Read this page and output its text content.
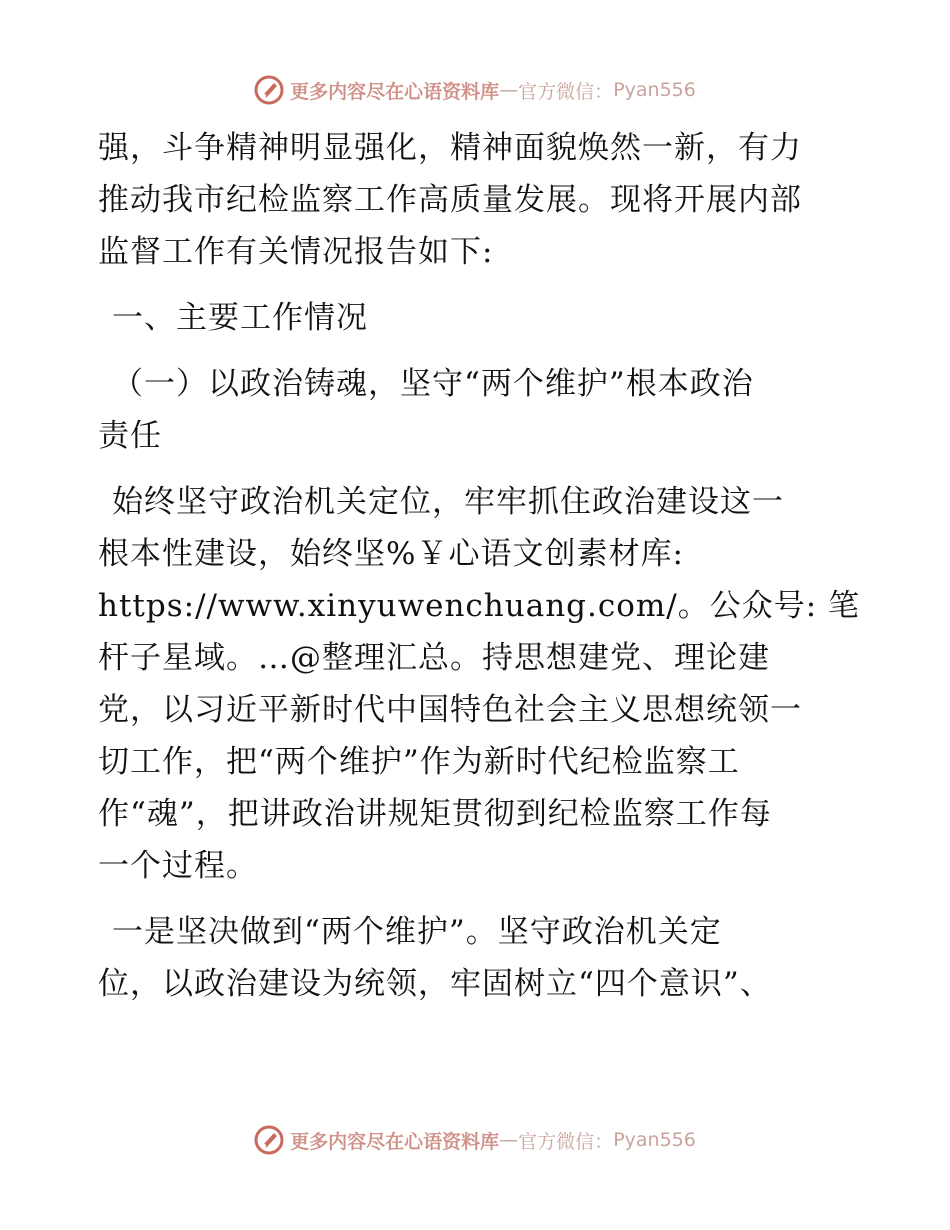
更多内容尽在心语资料库 — 官方微信： Pyan556
强，斗争精神明显强化，精神面貌焕然一新，有力
推动我市纪检监察工作高质量发展。现将开展内部
监督工作有关情况报告如下:
一、主要工作情况
（一）以政治铸魂，坚守“两个维护”根本政治
责任
始终坚守政治机关定位，牢牢抓住政治建设这一
根本性建设，始终坚%￥心语文创素材库:
https://www.xinyuwenchuang.com/。公众号: 笔
杆子星域。…@整理汇总。持思想建党、理论建
党，以习近平新时代中国特色社会主义思想统领一
切工作，把“两个维护”作为新时代纪检监察工
作“魂”，把讲政治讲规矩贯彻到纪检监察工作每
一个过程。
一是坚决做到“两个维护”。坚守政治机关定
位，以政治建设为统领，牢固树立“四个意识”、
更多内容尽在心语资料库 — 官方微信： Pyan556
